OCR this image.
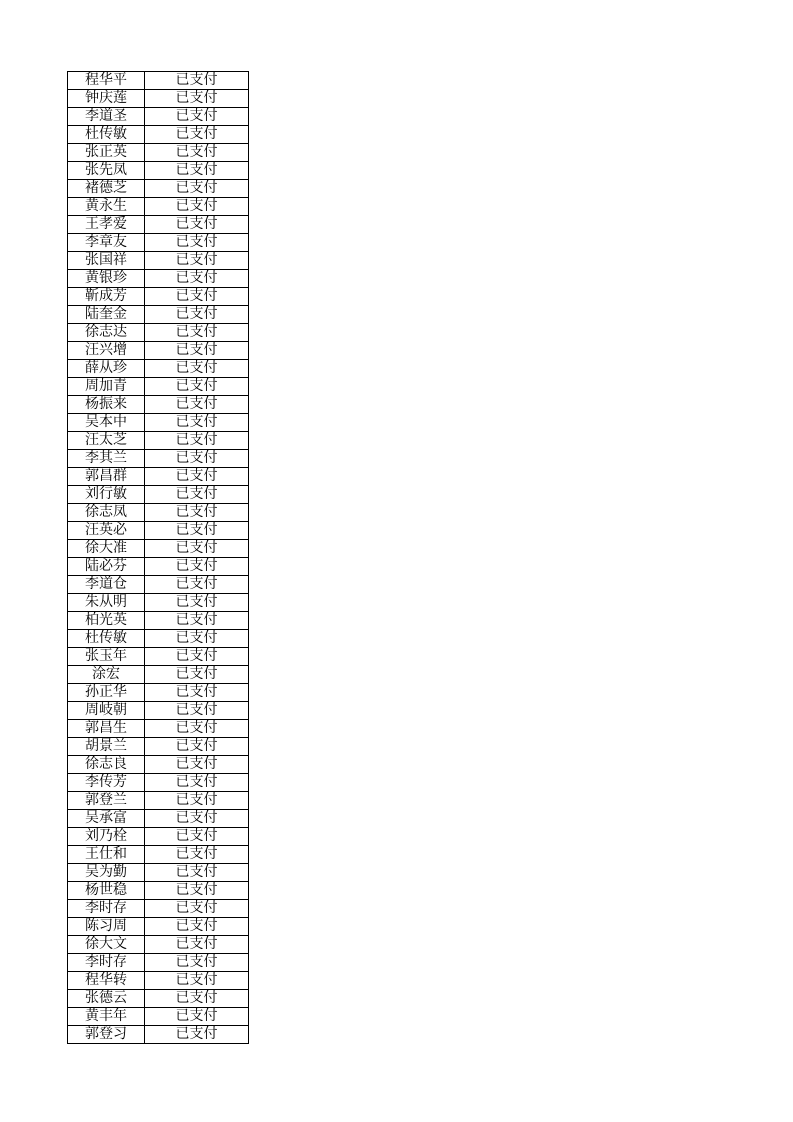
程华平	已支付
钟庆莲	已支付
李道圣	已支付
杜传敏	已支付
张正英	已支付
张先凤	已支付
褚德芝	已支付
黄永生	已支付
王孝爱	已支付
李章友	已支付
张国祥	已支付
黄银珍	已支付
靳成芳	已支付
陆奎金	已支付
徐志达	已支付
汪兴增	已支付
薛从珍	已支付
周加青	已支付
杨振来	已支付
吴本中	已支付
汪太芝	已支付
李其兰	已支付
郭昌群	已支付
刘行敏	已支付
徐志凤	已支付
汪英必	已支付
徐大准	已支付
陆必芬	已支付
李道仓	已支付
朱从明	已支付
柏光英	已支付
杜传敏	已支付
张玉年	已支付
涂宏	已支付
孙正华	已支付
周岐朝	已支付
郭昌生	已支付
胡景兰	已支付
徐志良	已支付
李传芳	已支付
郭登兰	已支付
吴承富	已支付
刘乃栓	已支付
王仕和	已支付
吴为勤	已支付
杨世稳	已支付
李时存	已支付
陈习周	已支付
徐大文	已支付
李时存	已支付
程华转	已支付
张德云	已支付
黄丰年	已支付
郭登习	已支付
